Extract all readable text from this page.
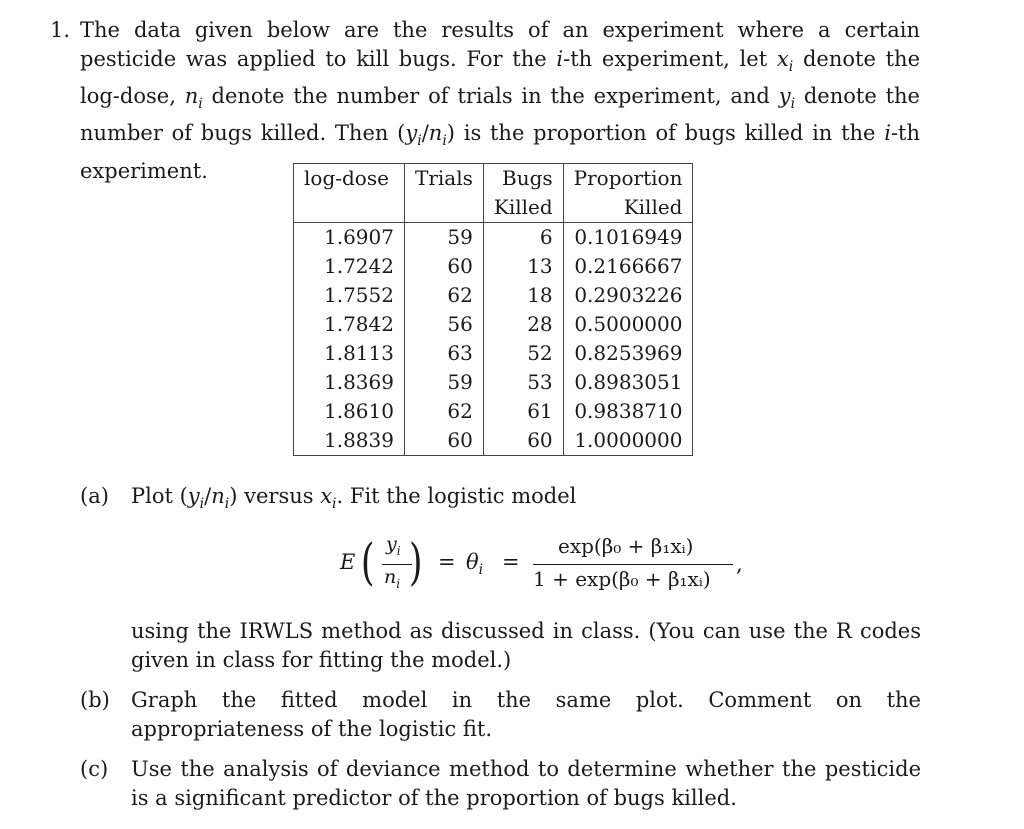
1. The data given below are the results of an experiment where a certain pesticide was applied to kill bugs. For the i-th experiment, let $x_i$ denote the log-dose, $n_i$ denote the number of trials in the experiment, and $y_i$ denote the number of bugs killed. Then $(y_i/n_i)$ is the proportion of bugs killed in the i-th experiment.	log-dose	Trials	Bugs	Proportion
		Killed	Killed
1.6907	59	6	0.1016949
1.7242	60	13	0.2166667
1.7552	62	18	0.2903226
1.7842	56	28	0.5000000
1.8113	63	52	0.8253969
1.8369	59	53	0.8983051
1.8610	62	61	0.9838710
1.8839	60	60	1.0000000
(a) Plot $(y_i/n_i)$ versus $x_i$. Fit the logistic model

E ( $y_i$
$n_i$ ) = $\theta_i$ =
exp(β₀ + β₁xᵢ)
1 + exp(β₀ + β₁xᵢ)
,

using the IRWLS method as discussed in class. (You can use the R codes given in class for fitting the model.)

(b) Graph the fitted model in the same plot. Comment on the appropriateness of the logistic fit.

(c) Use the analysis of deviance method to determine whether the pesticide is a significant predictor of the proportion of bugs killed.
